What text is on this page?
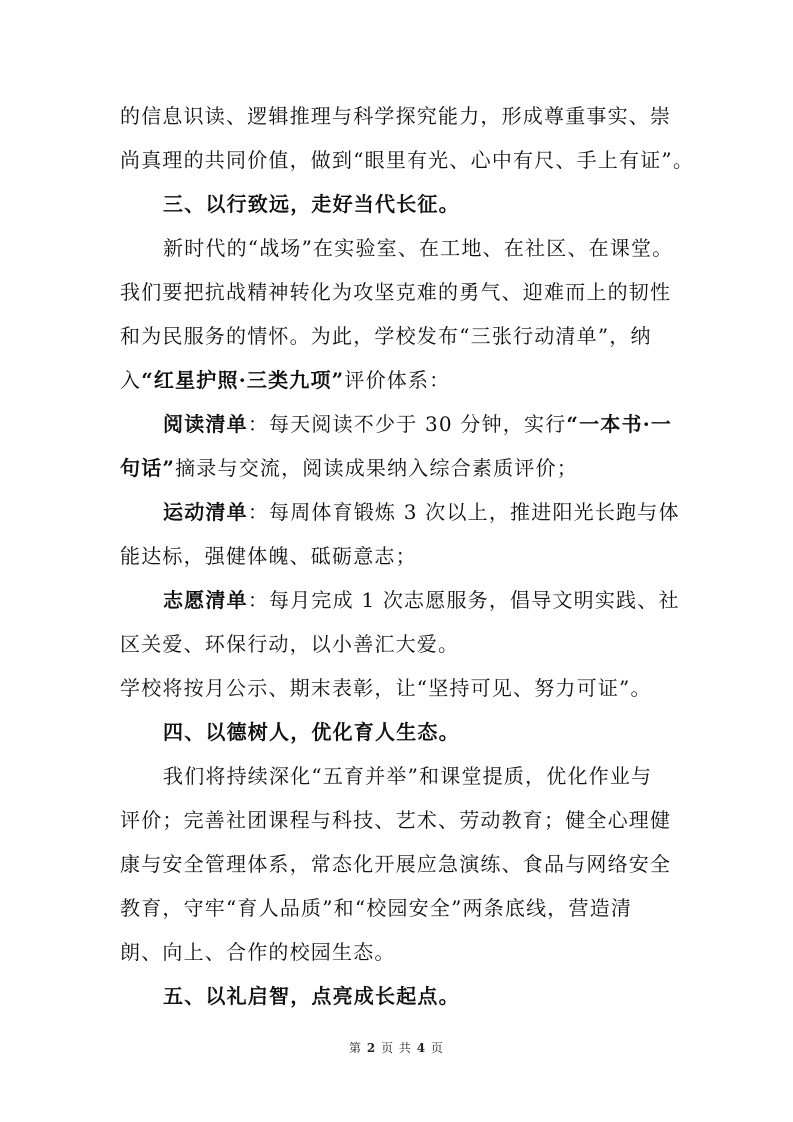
的信息识读、逻辑推理与科学探究能力，形成尊重事实、崇
尚真理的共同价值，做到“眼里有光、心中有尺、手上有证”。
三、以行致远，走好当代长征。
新时代的“战场”在实验室、在工地、在社区、在课堂。
我们要把抗战精神转化为攻坚克难的勇气、迎难而上的韧性
和为民服务的情怀。为此，学校发布“三张行动清单”，纳
入“红星护照·三类九项”评价体系：
阅读清单：每天阅读不少于 30 分钟，实行“一本书·一
句话”摘录与交流，阅读成果纳入综合素质评价；
运动清单：每周体育锻炼 3 次以上，推进阳光长跑与体
能达标，强健体魄、砥砺意志；
志愿清单：每月完成 1 次志愿服务，倡导文明实践、社
区关爱、环保行动，以小善汇大爱。
学校将按月公示、期末表彰，让“坚持可见、努力可证”。
四、以德树人，优化育人生态。
我们将持续深化“五育并举”和课堂提质，优化作业与
评价；完善社团课程与科技、艺术、劳动教育；健全心理健
康与安全管理体系，常态化开展应急演练、食品与网络安全
教育，守牢“育人品质”和“校园安全”两条底线，营造清
朗、向上、合作的校园生态。
五、以礼启智，点亮成长起点。
第 2 页 共 4 页
